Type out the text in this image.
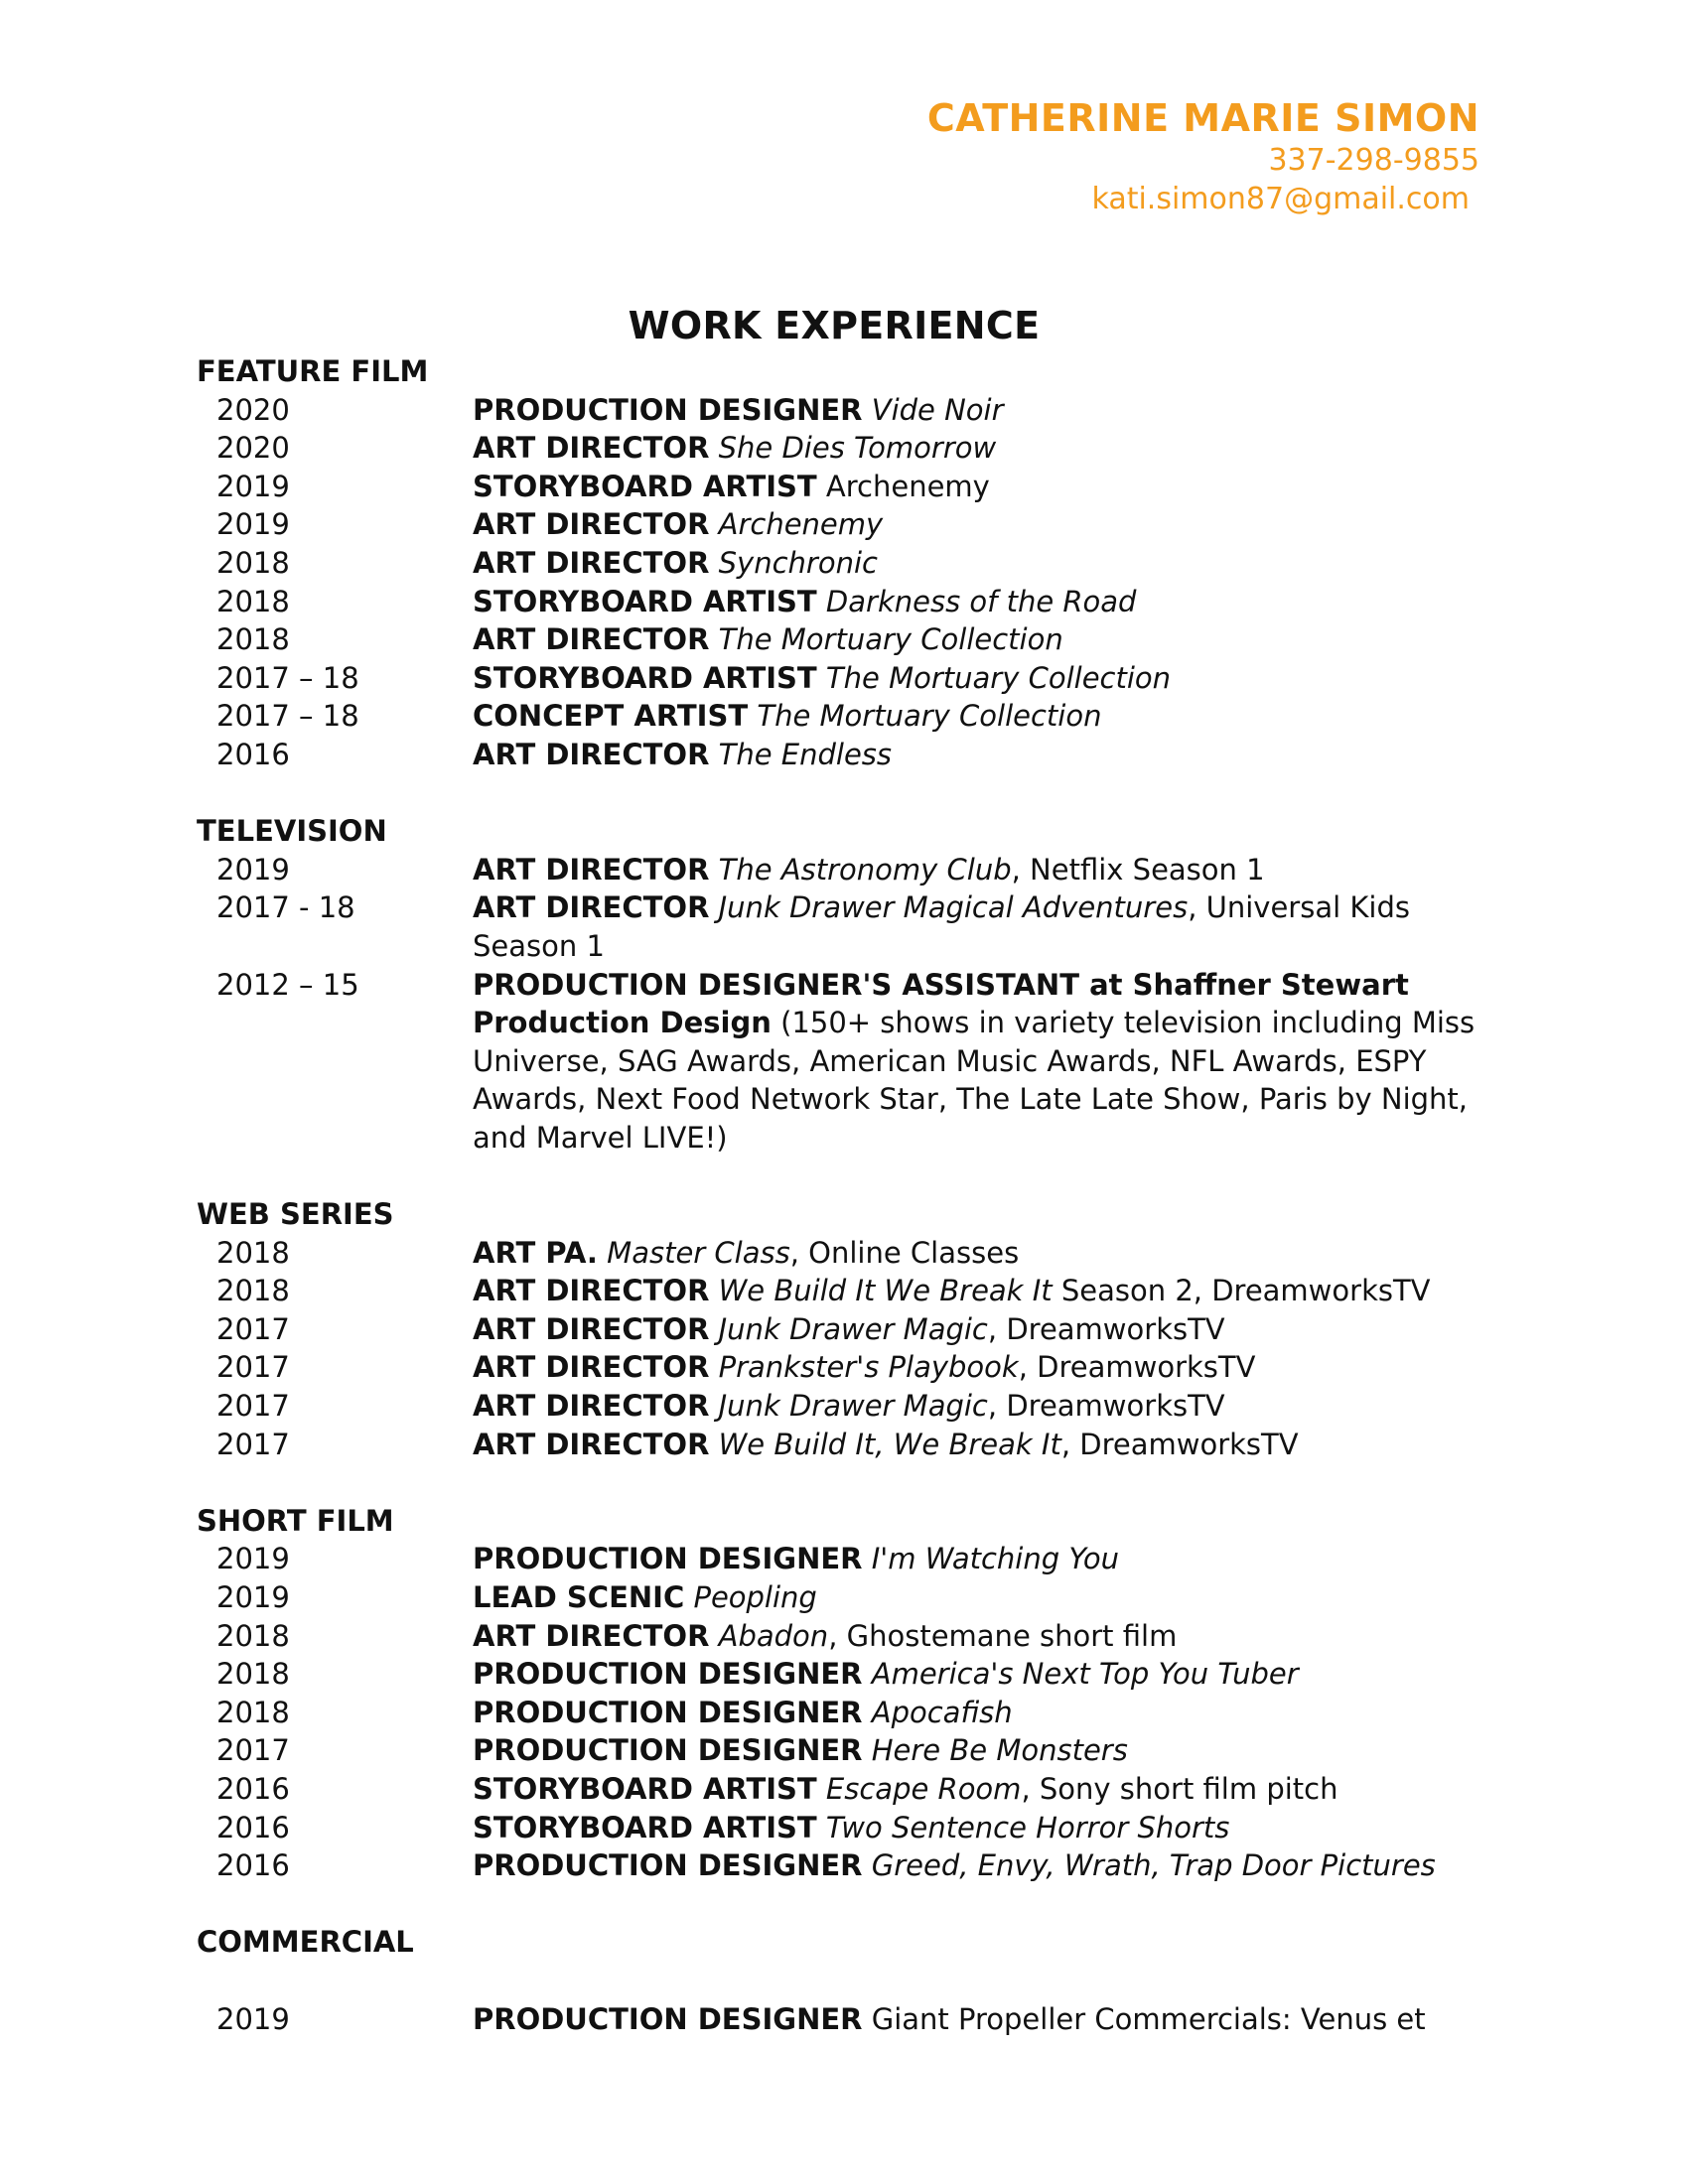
CATHERINE MARIE SIMON
337-298-9855
kati.simon87@gmail.com
WORK EXPERIENCE
FEATURE FILM
2020	PRODUCTION DESIGNER Vide Noir
2020	ART DIRECTOR She Dies Tomorrow
2019	STORYBOARD ARTIST Archenemy
2019	ART DIRECTOR Archenemy
2018	ART DIRECTOR Synchronic
2018	STORYBOARD ARTIST Darkness of the Road
2018	ART DIRECTOR The Mortuary Collection
2017 – 18	STORYBOARD ARTIST The Mortuary Collection
2017 – 18	CONCEPT ARTIST The Mortuary Collection
2016	ART DIRECTOR The Endless
TELEVISION
2019	ART DIRECTOR The Astronomy Club, Netflix Season 1
2017 - 18	ART DIRECTOR Junk Drawer Magical Adventures, Universal Kids Season 1
2012 – 15	PRODUCTION DESIGNER'S ASSISTANT at Shaffner Stewart Production Design (150+ shows in variety television including Miss Universe, SAG Awards, American Music Awards, NFL Awards, ESPY Awards, Next Food Network Star, The Late Late Show, Paris by Night, and Marvel LIVE!)
WEB SERIES
2018	ART PA. Master Class, Online Classes
2018	ART DIRECTOR We Build It We Break It Season 2, DreamworksTV
2017	ART DIRECTOR Junk Drawer Magic, DreamworksTV
2017	ART DIRECTOR Prankster's Playbook, DreamworksTV
2017	ART DIRECTOR Junk Drawer Magic, DreamworksTV
2017	ART DIRECTOR We Build It, We Break It, DreamworksTV
SHORT FILM
2019	PRODUCTION DESIGNER I'm Watching You
2019	LEAD SCENIC Peopling
2018	ART DIRECTOR Abadon, Ghostemane short film
2018	PRODUCTION DESIGNER America's Next Top You Tuber
2018	PRODUCTION DESIGNER Apocafish
2017	PRODUCTION DESIGNER Here Be Monsters
2016	STORYBOARD ARTIST Escape Room, Sony short film pitch
2016	STORYBOARD ARTIST Two Sentence Horror Shorts
2016	PRODUCTION DESIGNER Greed, Envy, Wrath, Trap Door Pictures
COMMERCIAL
2019	PRODUCTION DESIGNER Giant Propeller Commercials: Venus et
